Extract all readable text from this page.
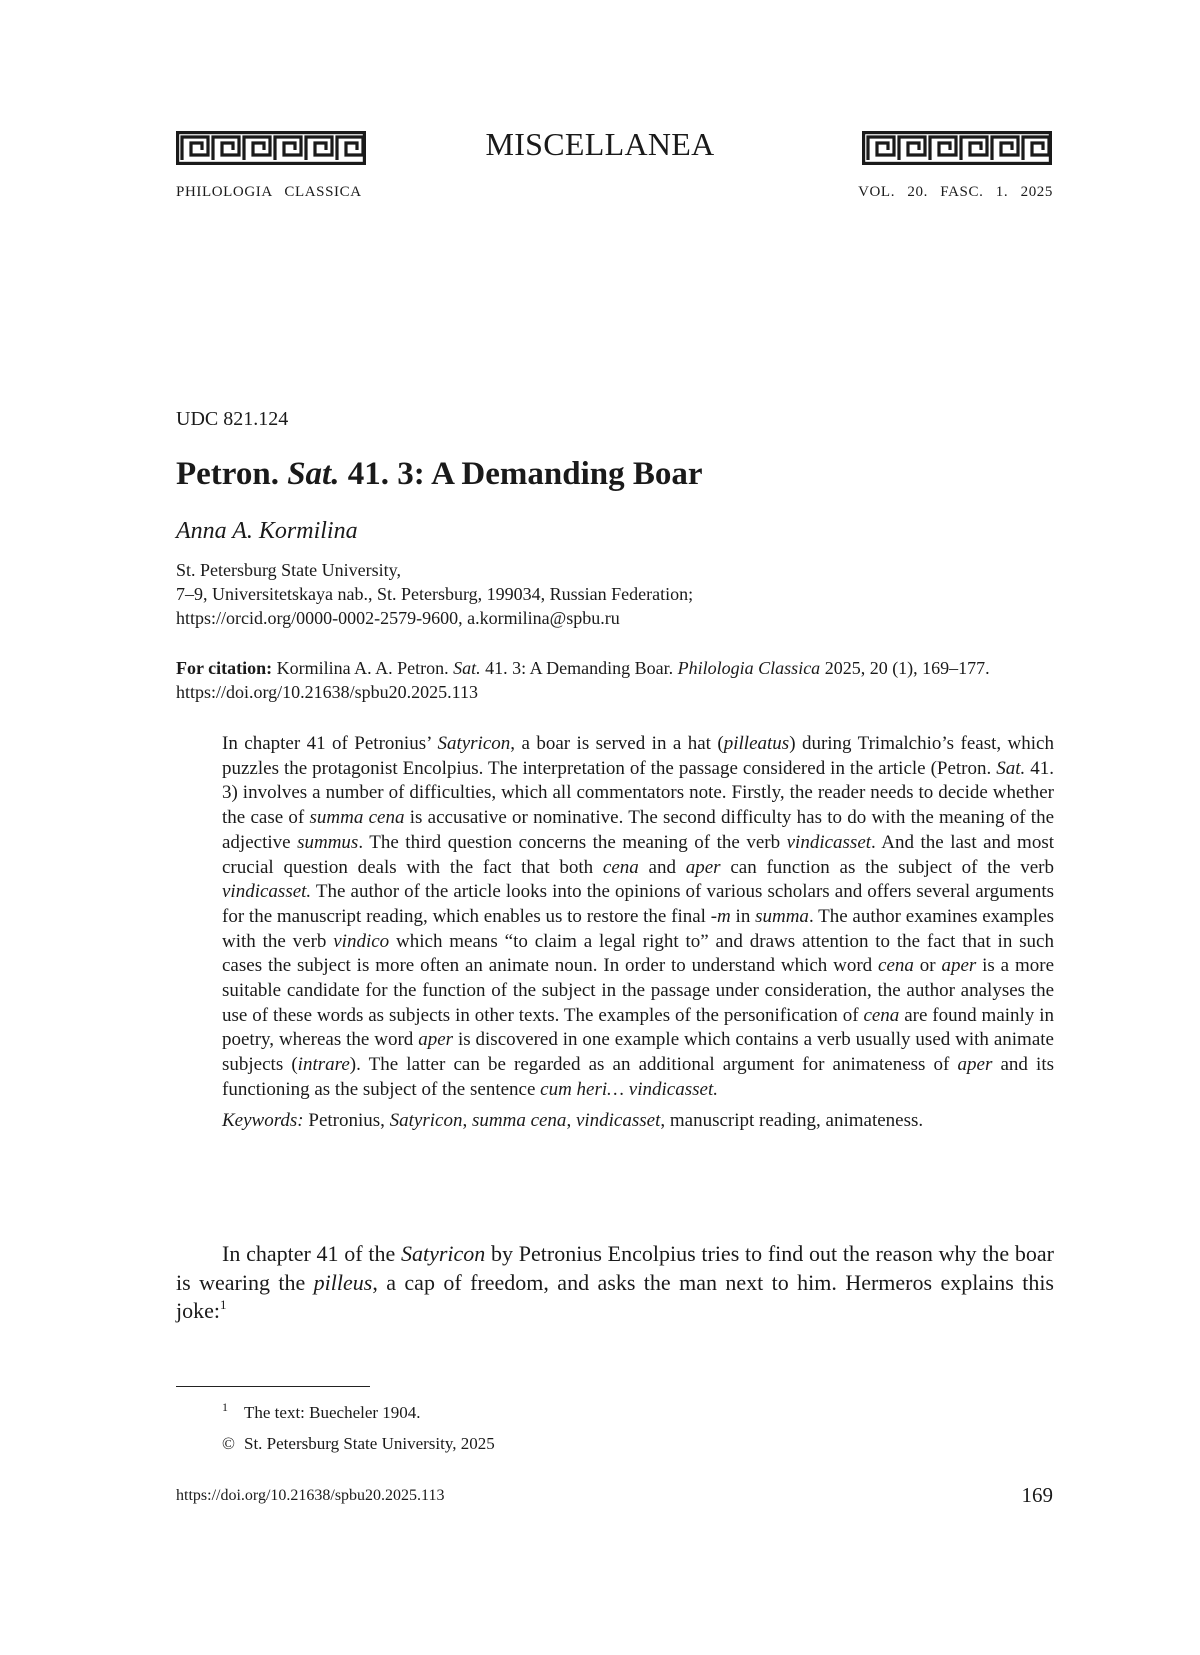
MISCELLANEA
PHILOLOGIA CLASSICA	VOL. 20. FASC. 1. 2025
UDC 821.124
Petron. Sat. 41. 3: A Demanding Boar
Anna A. Kormilina
St. Petersburg State University,
7–9, Universitetskaya nab., St. Petersburg, 199034, Russian Federation;
https://orcid.org/0000-0002-2579-9600, a.kormilina@spbu.ru
For citation: Kormilina A. A. Petron. Sat. 41. 3: A Demanding Boar. Philologia Classica 2025, 20 (1), 169–177. https://doi.org/10.21638/spbu20.2025.113

In chapter 41 of Petronius’ Satyricon, a boar is served in a hat (pilleatus) during Trimalchio’s feast, which puzzles the protagonist Encolpius. The interpretation of the passage considered in the article (Petron. Sat. 41. 3) involves a number of difficulties, which all commentators note. Firstly, the reader needs to decide whether the case of summa cena is accusative or nominative. The second difficulty has to do with the meaning of the adjective summus. The third question concerns the meaning of the verb vindicasset. And the last and most crucial question deals with the fact that both cena and aper can function as the subject of the verb vindicasset. The author of the article looks into the opinions of various scholars and offers several arguments for the manuscript reading, which enables us to restore the final -m in summa. The author examines examples with the verb vindico which means “to claim a legal right to” and draws attention to the fact that in such cases the subject is more often an animate noun. In order to understand which word cena or aper is a more suitable candidate for the function of the subject in the passage under consideration, the author analyses the use of these words as subjects in other texts. The examples of the personification of cena are found mainly in poetry, whereas the word aper is discovered in one example which contains a verb usually used with animate subjects (intrare). The latter can be regarded as an additional argument for animateness of aper and its functioning as the subject of the sentence cum heri… vindicasset.

Keywords: Petronius, Satyricon, summa cena, vindicasset, manuscript reading, animateness.

In chapter 41 of the Satyricon by Petronius Encolpius tries to find out the reason why the boar is wearing the pilleus, a cap of freedom, and asks the man next to him. Hermeros explains this joke:$^1$

$^1$ The text: Buecheler 1904.
© St. Petersburg State University, 2025
https://doi.org/10.21638/spbu20.2025.113	169
